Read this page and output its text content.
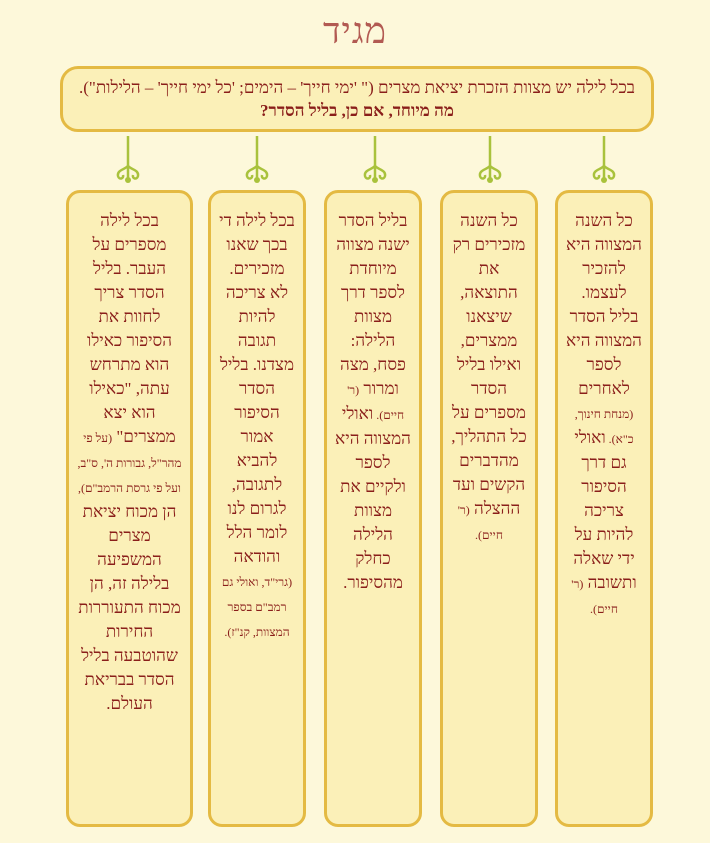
מגיד
בכל לילה יש מצוות הזכרת יציאת מצרים (" 'ימי חייך' – הימים; 'כל ימי חייך' – הלילות"). מה מיוחד, אם כן, בליל הסדר?
כל השנה המצווה היא להזכיר לעצמו. בליל הסדר המצווה היא לספר לאחרים (מנחת חינוך, כ"א). ואולי גם דרך הסיפור צריכה להיות על ידי שאלה ותשובה (ר' חיים).
כל השנה מזכירים רק את התוצאה, שיצאנו ממצרים, ואילו בליל הסדר מספרים על כל התהליך, מהדברים הקשים ועד ההצלה (ר' חיים).
בליל הסדר ישנה מצווה מיוחדת לספר דרך מצוות הלילה: פסח, מצה ומרור (ר' חיים). ואולי המצווה היא לספר ולקיים את מצוות הלילה כחלק מהסיפור.
בכל לילה די בכך שאנו מזכירים. לא צריכה להיות תגובה מצדנו. בליל הסדר הסיפור אמור להביא לתגובה, לגרום לנו לומר הלל והודאה (גרי"ד, ואולי גם רמב"ם בספר המצוות, קנ"ז).
בכל לילה מספרים על העבר. בליל הסדר צריך לחוות את הסיפור כאילו הוא מתרחש עתה, "כאילו הוא יצא ממצרים" (על פי מהר"ל, גבורות ה', ס"ב, ועל פי גרסת הרמב"ם), הן מכוח יציאת מצרים המשפיעה בלילה זה, הן מכוח התעוררות החירות שהוטבעה בליל הסדר בבריאת העולם.
